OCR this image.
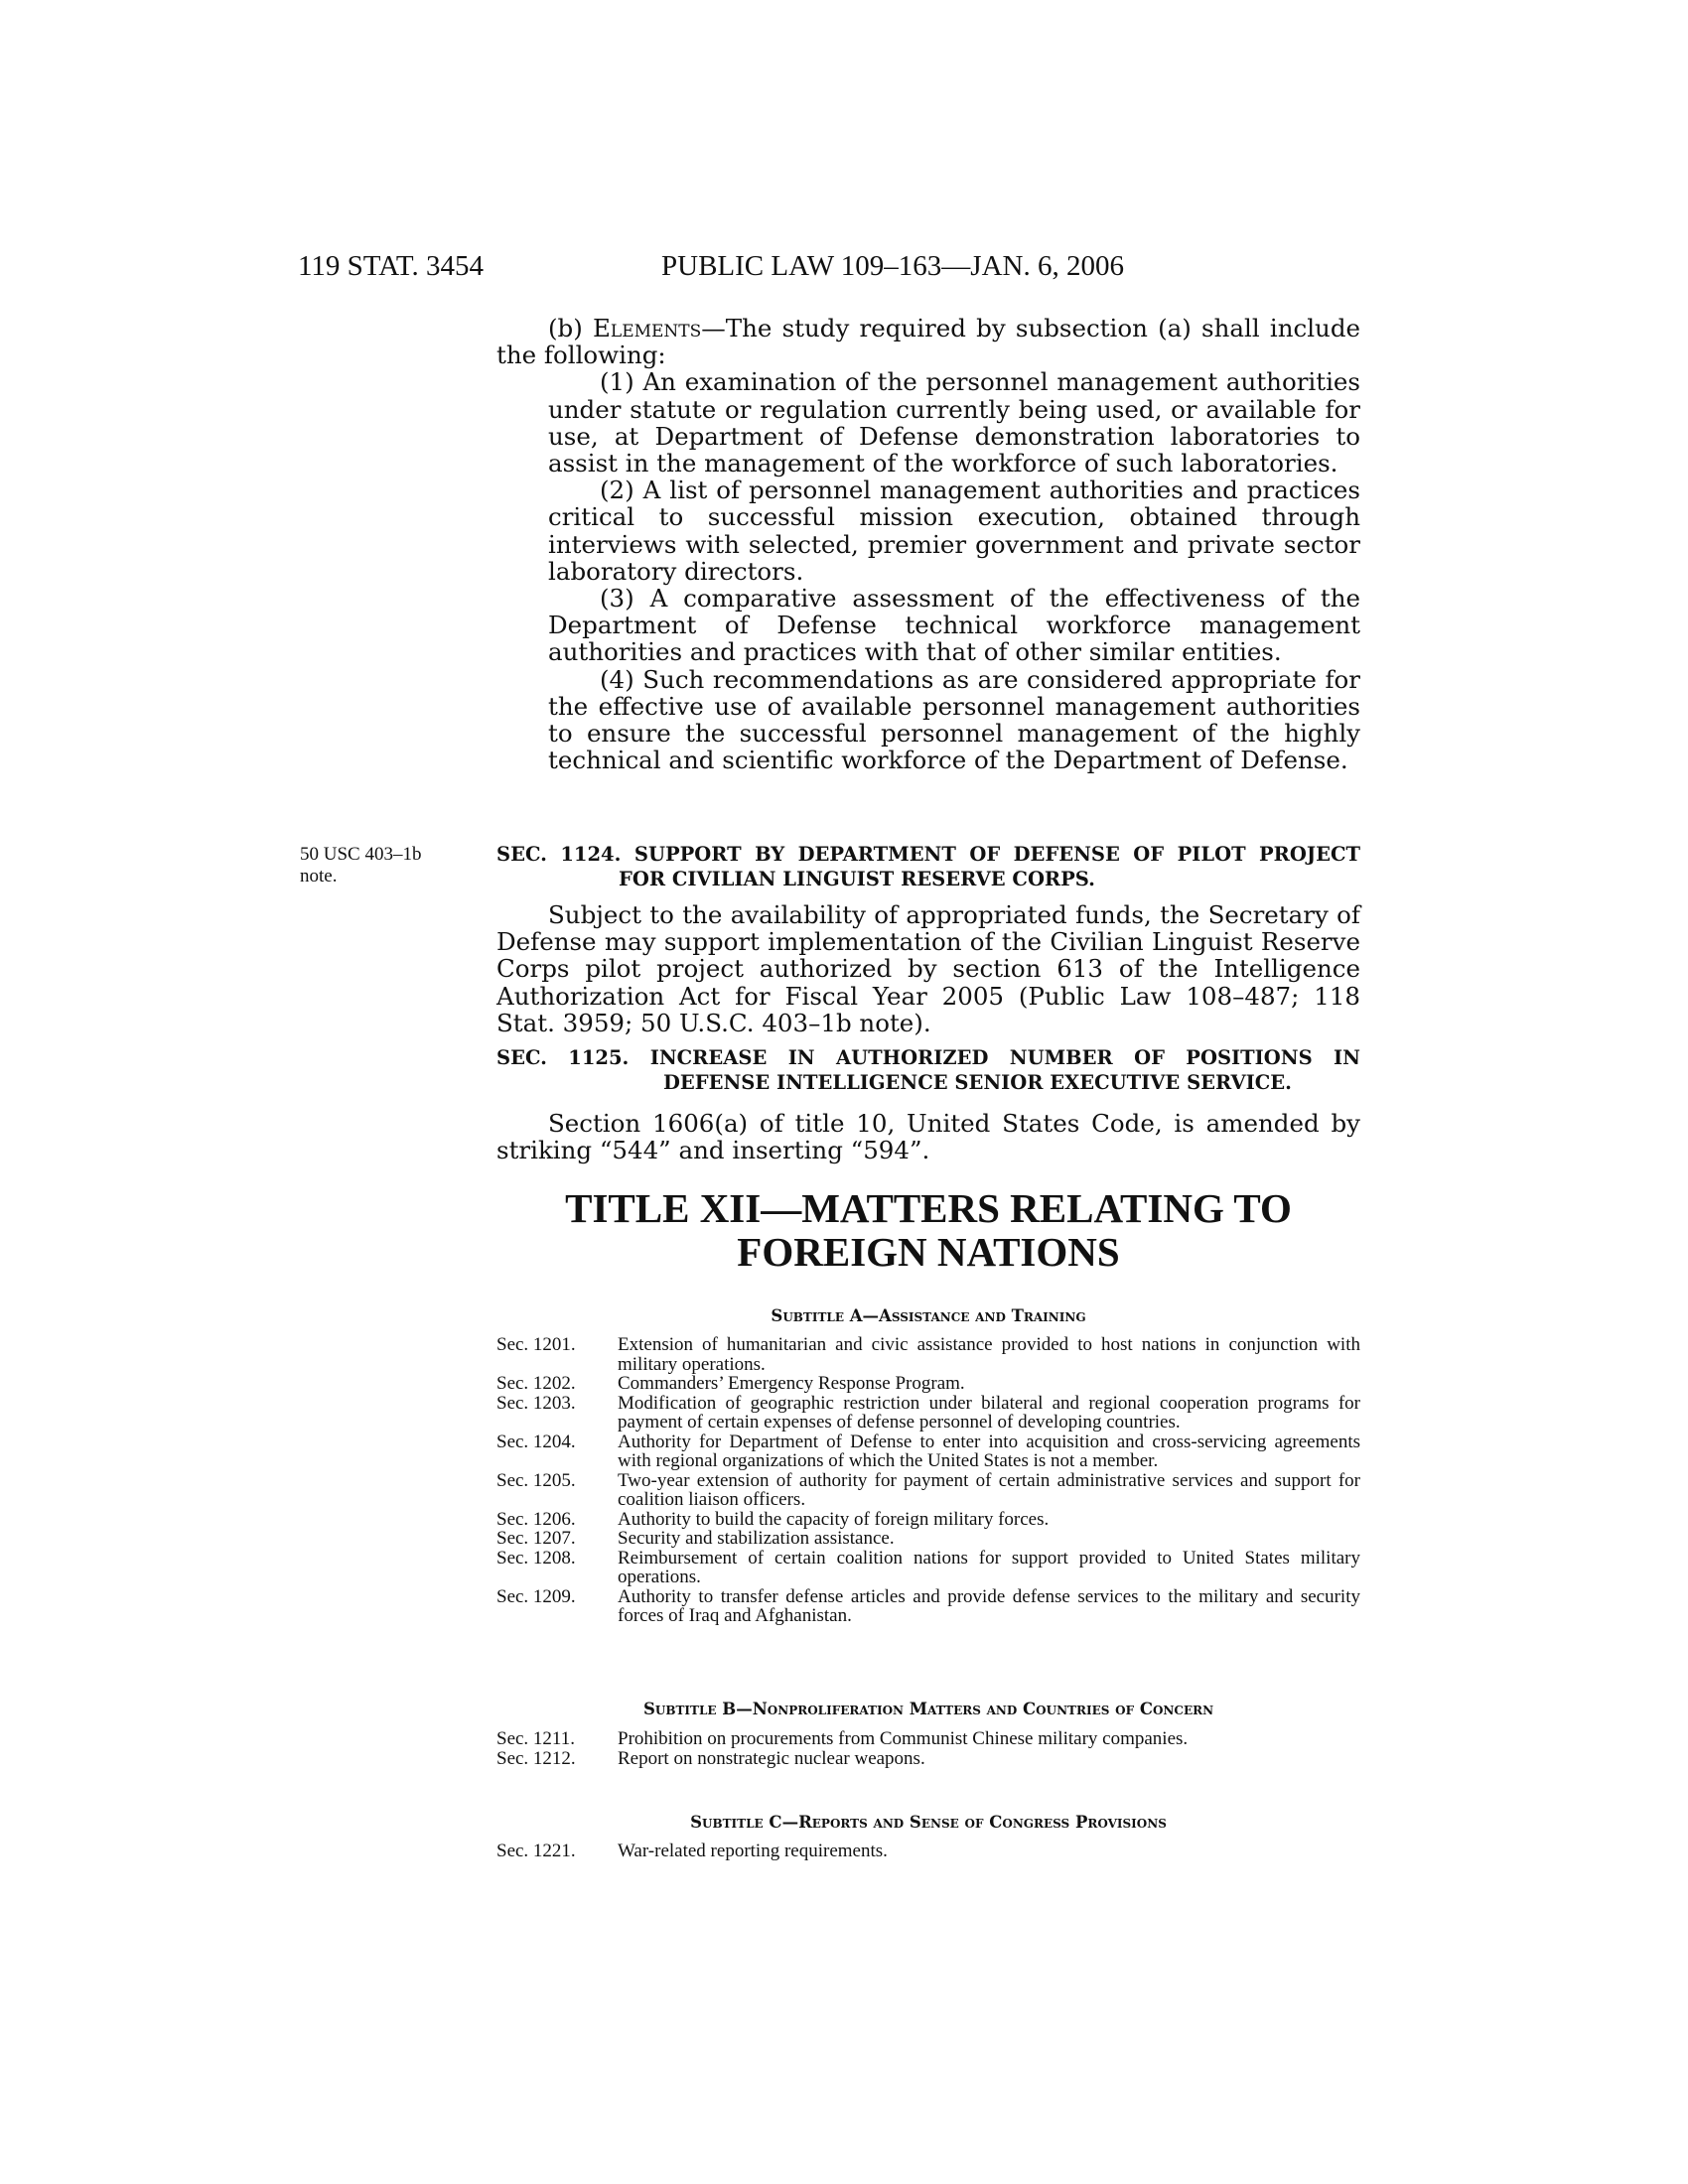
119 STAT. 3454	PUBLIC LAW 109–163—JAN. 6, 2006

(b) Elements—The study required by subsection (a) shall include the following:

(1) An examination of the personnel management authorities under statute or regulation currently being used, or available for use, at Department of Defense demonstration laboratories to assist in the management of the workforce of such laboratories.

(2) A list of personnel management authorities and practices critical to successful mission execution, obtained through interviews with selected, premier government and private sector laboratory directors.

(3) A comparative assessment of the effectiveness of the Department of Defense technical workforce management authorities and practices with that of other similar entities.

(4) Such recommendations as are considered appropriate for the effective use of available personnel management authorities to ensure the successful personnel management of the highly technical and scientific workforce of the Department of Defense.

50 USC 403–1b
note.
SEC. 1124. SUPPORT BY DEPARTMENT OF DEFENSE OF PILOT PROJECT
FOR CIVILIAN LINGUIST RESERVE CORPS.

Subject to the availability of appropriated funds, the Secretary of Defense may support implementation of the Civilian Linguist Reserve Corps pilot project authorized by section 613 of the Intelligence Authorization Act for Fiscal Year 2005 (Public Law 108–487; 118 Stat. 3959; 50 U.S.C. 403–1b note).

SEC. 1125. INCREASE IN AUTHORIZED NUMBER OF POSITIONS IN
DEFENSE INTELLIGENCE SENIOR EXECUTIVE SERVICE.

Section 1606(a) of title 10, United States Code, is amended by striking “544” and inserting “594”.

TITLE XII—MATTERS RELATING TO
FOREIGN NATIONS
Subtitle A—Assistance and Training
Sec. 1201.	Extension of humanitarian and civic assistance provided to host nations in conjunction with military operations.
Sec. 1202.	Commanders’ Emergency Response Program.
Sec. 1203.	Modification of geographic restriction under bilateral and regional cooperation programs for payment of certain expenses of defense personnel of developing countries.
Sec. 1204.	Authority for Department of Defense to enter into acquisition and cross-servicing agreements with regional organizations of which the United States is not a member.
Sec. 1205.	Two-year extension of authority for payment of certain administrative services and support for coalition liaison officers.
Sec. 1206.	Authority to build the capacity of foreign military forces.
Sec. 1207.	Security and stabilization assistance.
Sec. 1208.	Reimbursement of certain coalition nations for support provided to United States military operations.
Sec. 1209.	Authority to transfer defense articles and provide defense services to the military and security forces of Iraq and Afghanistan.
Subtitle B—Nonproliferation Matters and Countries of Concern
Sec. 1211.	Prohibition on procurements from Communist Chinese military companies.
Sec. 1212.	Report on nonstrategic nuclear weapons.
Subtitle C—Reports and Sense of Congress Provisions
Sec. 1221.	War-related reporting requirements.
